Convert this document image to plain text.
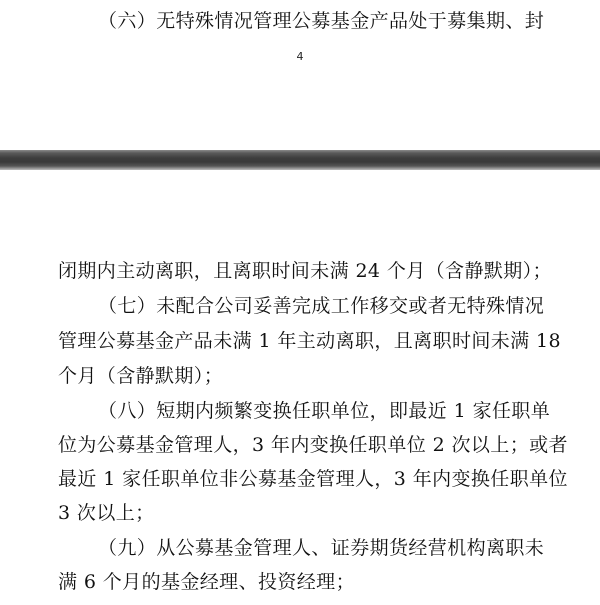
（六）无特殊情况管理公募基金产品处于募集期、封
4
闭期内主动离职，且离职时间未满 24 个月（含静默期）；
（七）未配合公司妥善完成工作移交或者无特殊情况
管理公募基金产品未满 1 年主动离职，且离职时间未满 18
个月（含静默期）；
（八）短期内频繁变换任职单位，即最近 1 家任职单
位为公募基金管理人，3 年内变换任职单位 2 次以上；或者
最近 1 家任职单位非公募基金管理人，3 年内变换任职单位
3 次以上；
（九）从公募基金管理人、证券期货经营机构离职未
满 6 个月的基金经理、投资经理；
